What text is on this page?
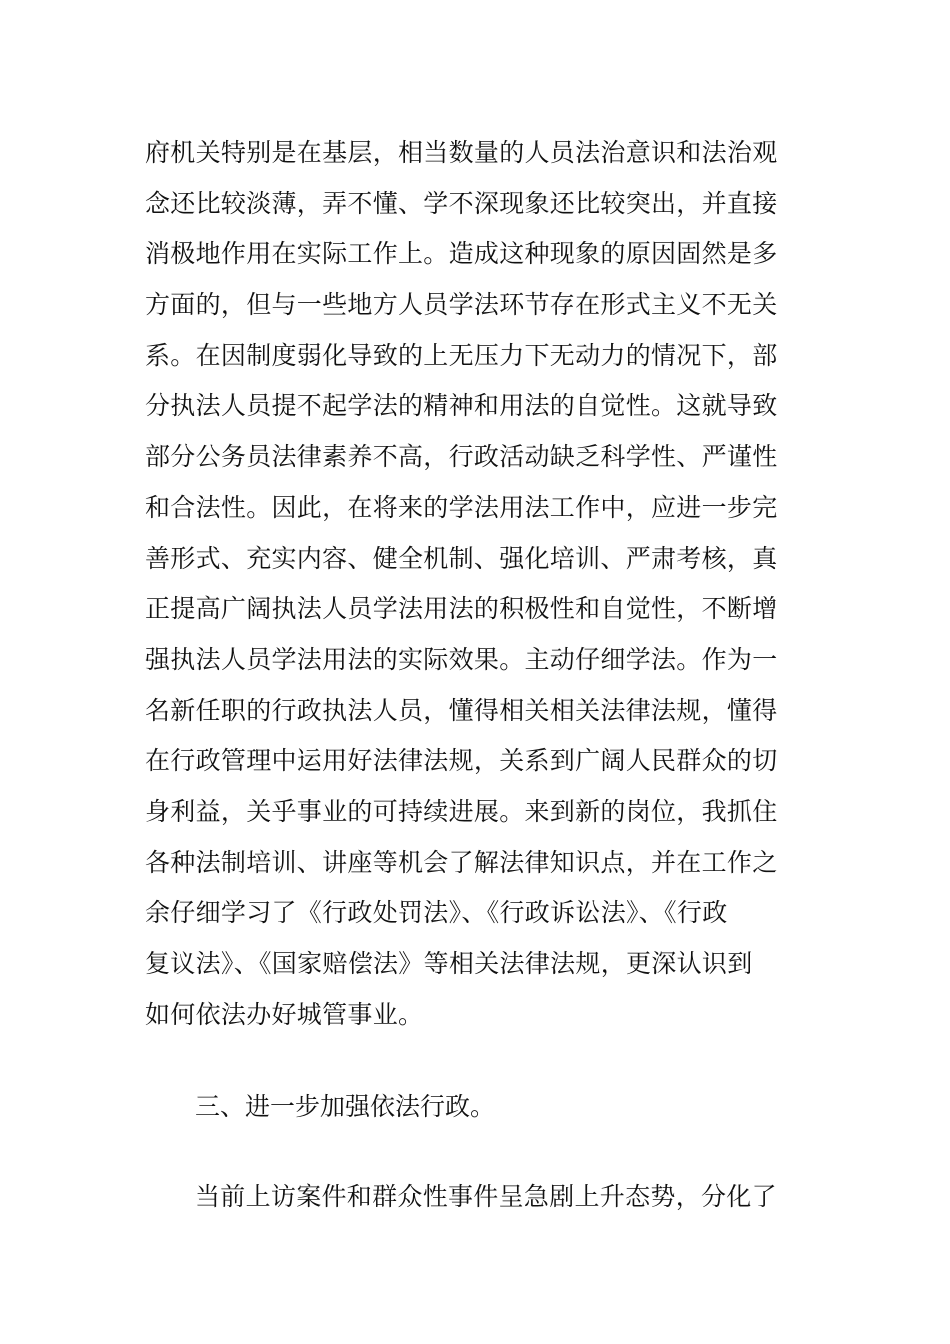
府机关特别是在基层，相当数量的人员法治意识和法治观
念还比较淡薄，弄不懂、学不深现象还比较突出，并直接
消极地作用在实际工作上。造成这种现象的原因固然是多
方面的，但与一些地方人员学法环节存在形式主义不无关
系。在因制度弱化导致的上无压力下无动力的情况下，部
分执法人员提不起学法的精神和用法的自觉性。这就导致
部分公务员法律素养不高，行政活动缺乏科学性、严谨性
和合法性。因此，在将来的学法用法工作中，应进一步完
善形式、充实内容、健全机制、强化培训、严肃考核，真
正提高广阔执法人员学法用法的积极性和自觉性，不断增
强执法人员学法用法的实际效果。主动仔细学法。作为一
名新任职的行政执法人员，懂得相关相关法律法规，懂得
在行政管理中运用好法律法规，关系到广阔人民群众的切
身利益，关乎事业的可持续进展。来到新的岗位，我抓住
各种法制培训、讲座等机会了解法律知识点，并在工作之
余仔细学习了《行政处罚法》、《行政诉讼法》、《行政
复议法》、《国家赔偿法》等相关法律法规，更深认识到
如何依法办好城管事业。
三、进一步加强依法行政。
当前上访案件和群众性事件呈急剧上升态势，分化了
